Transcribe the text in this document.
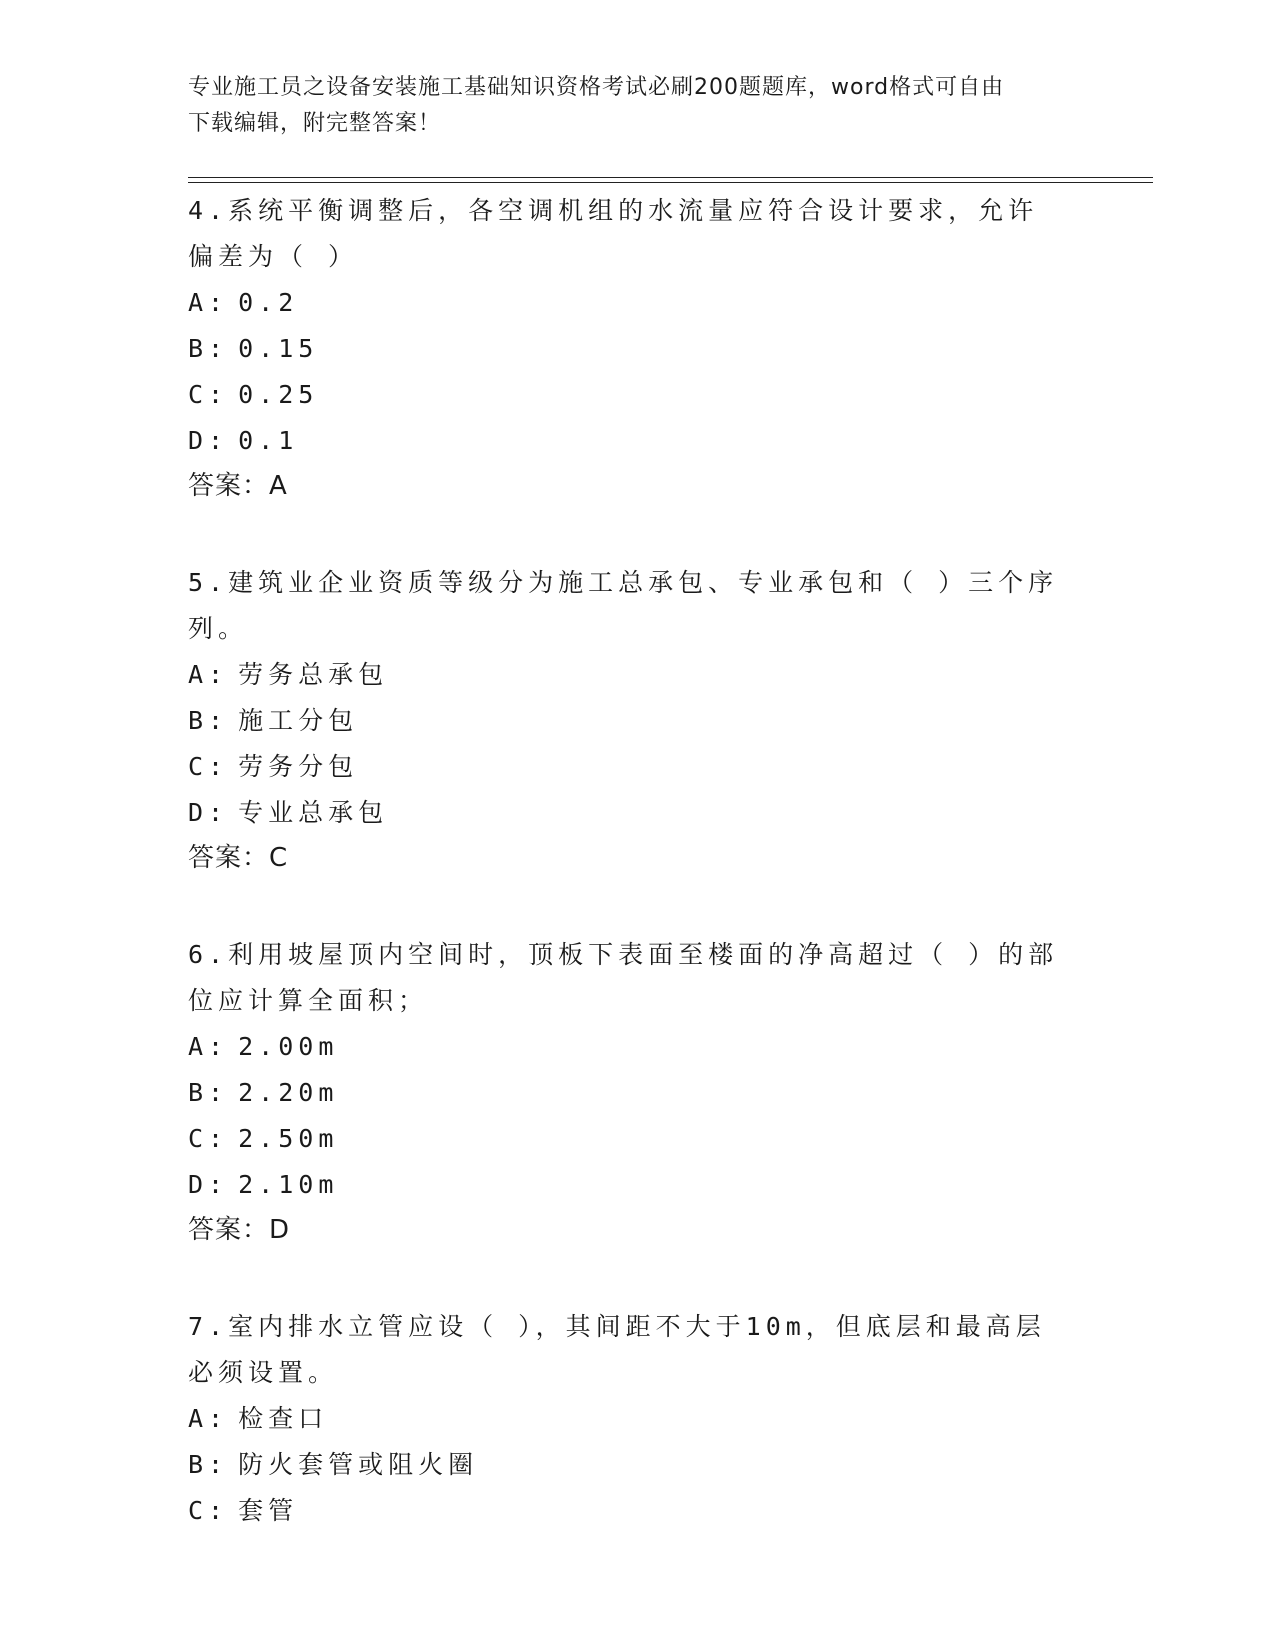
专业施工员之设备安装施工基础知识资格考试必刷200题题库，word格式可自由
下载编辑，附完整答案！

4.系统平衡调整后，各空调机组的水流量应符合设计要求，允许偏差为（ ）

A: 0.2

B: 0.15

C: 0.25

D: 0.1

答案：A

5.建筑业企业资质等级分为施工总承包、专业承包和（ ）三个序列。

A: 劳务总承包

B: 施工分包

C: 劳务分包

D: 专业总承包

答案：C

6.利用坡屋顶内空间时，顶板下表面至楼面的净高超过（ ）的部位应计算全面积；

A: 2.00m

B: 2.20m

C: 2.50m

D: 2.10m

答案：D

7.室内排水立管应设（ ），其间距不大于10m，但底层和最高层必须设置。

A: 检查口

B: 防火套管或阻火圈

C: 套管
